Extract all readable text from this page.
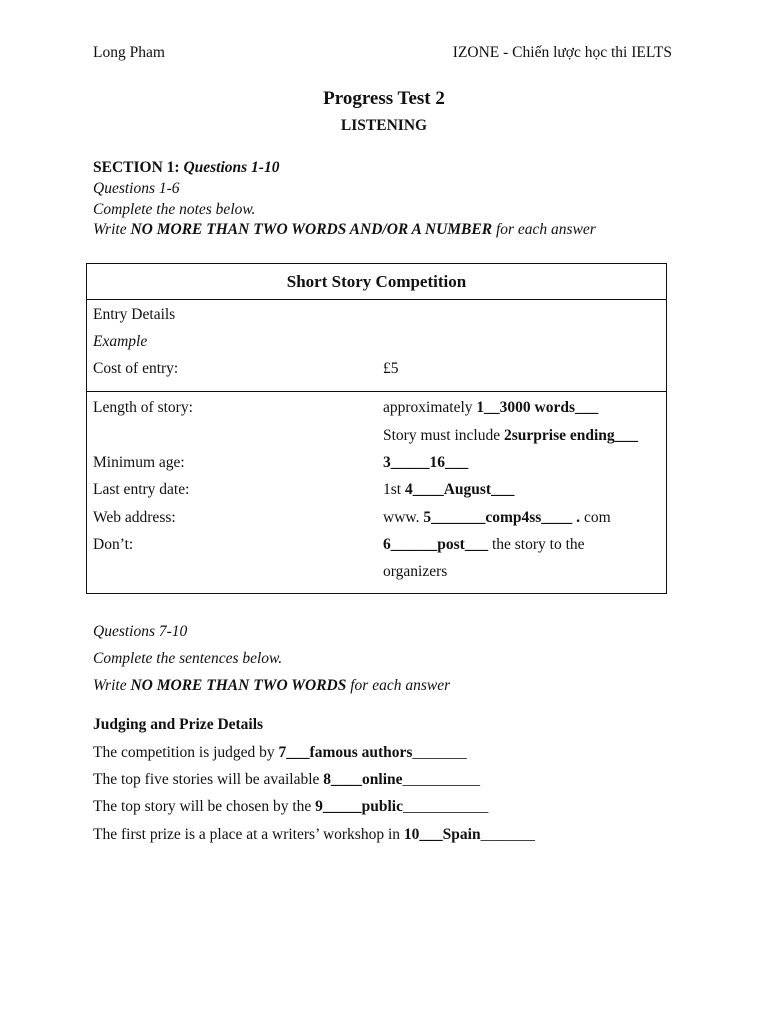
Long Pham	IZONE - Chiến lược học thi IELTS
Progress Test 2
LISTENING
SECTION 1: Questions 1-10
Questions 1-6
Complete the notes below.
Write NO MORE THAN TWO WORDS AND/OR A NUMBER for each answer
Short Story Competition
Entry Details
Example
Cost of entry:	£5
Length of story:	approximately 1__3000 words___
Story must include 2surprise ending___
Minimum age:	3_____16___
Last entry date:	1st 4____August___
Web address:	www. 5_______comp4ss____ . com
Don’t:	6______post___ the story to the
organizers
Questions 7-10
Complete the sentences below.
Write NO MORE THAN TWO WORDS for each answer
Judging and Prize Details
The competition is judged by 7___famous authors_______
The top five stories will be available 8____online__________
The top story will be chosen by the 9_____public___________
The first prize is a place at a writers’ workshop in 10___Spain_______
